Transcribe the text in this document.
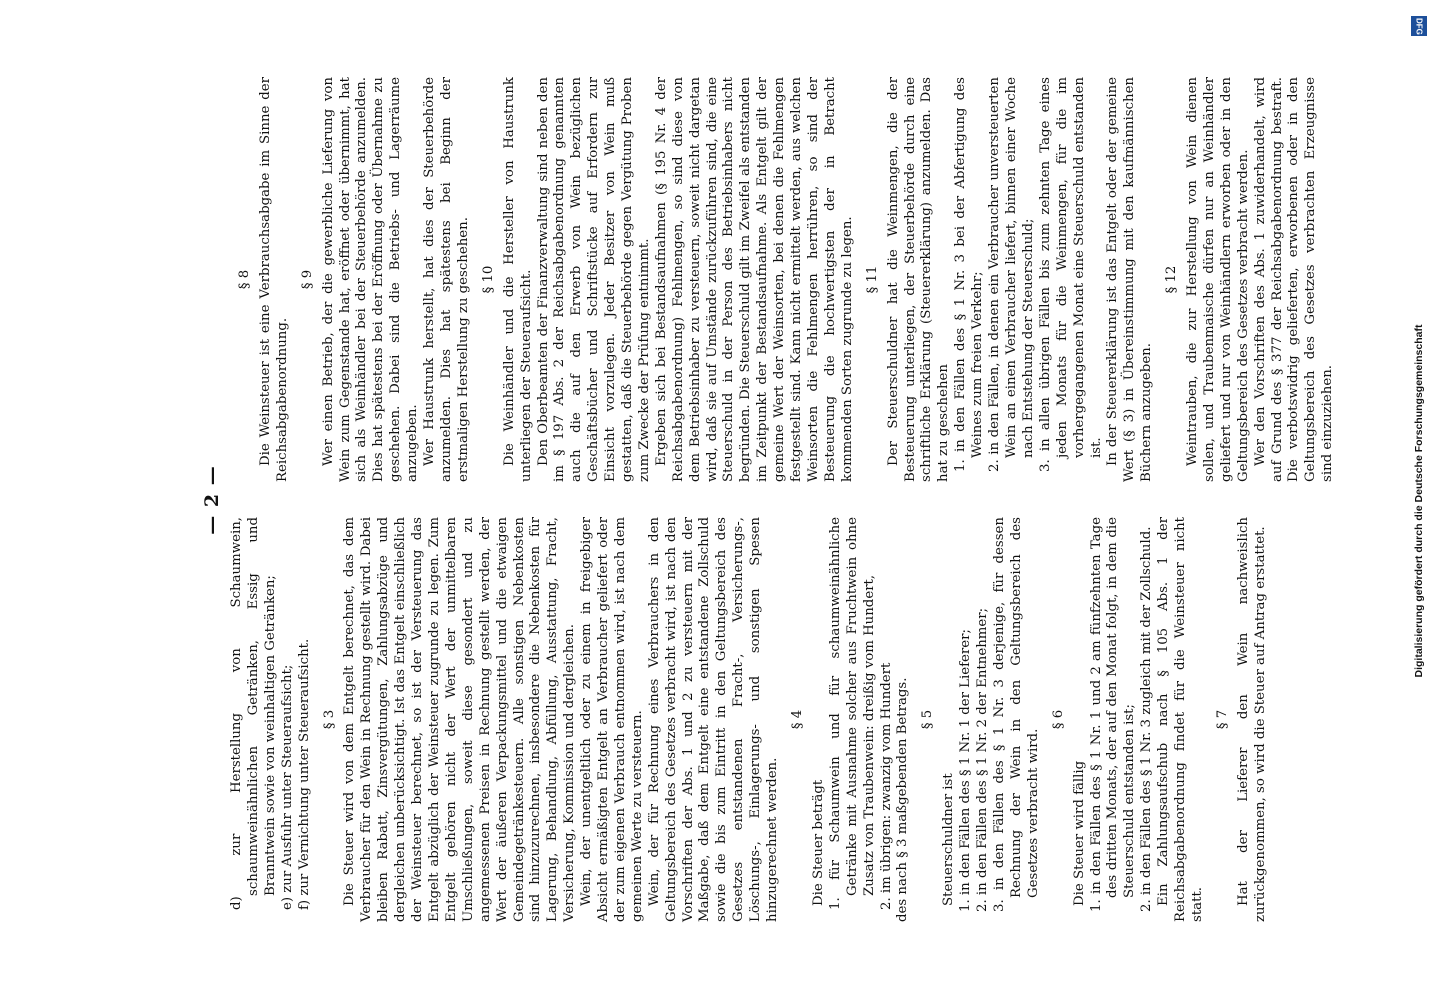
— 2 —

d) zur Herstellung von Schaumwein, schaumweinähnlichen Getränken, Essig und Branntwein sowie von weinhaltigen Getränken; e) zur Ausfuhr unter Steueraufsicht; f) zur Vernichtung unter Steueraufsicht. § 3 Die Steuer wird von dem Entgelt berechnet, das dem Verbraucher für den Wein in Rechnung gestellt wird. Dabei bleiben Rabatt, Zinsvergütungen, Zahlungsabzüge und dergleichen unberücksichtigt. Ist das Entgelt einschließlich der Weinsteuer berechnet, so ist der Versteuerung das Entgelt abzüglich der Weinsteuer zugrunde zu legen. Zum Entgelt gehören nicht der Wert der unmittelbaren Umschließungen, soweit diese gesondert und zu angemessenen Preisen in Rechnung gestellt werden, der Wert der äußeren Verpackungsmittel und die etwaigen Gemeindegetränkesteuern. Alle sonstigen Nebenkosten sind hinzuzurechnen, insbesondere die Nebenkosten für Lagerung, Behandlung, Abfüllung, Ausstattung, Fracht, Versicherung, Kommission und dergleichen. Wein, der unentgeltlich oder zu einem in freigebiger Absicht ermäßigten Entgelt an Verbraucher geliefert oder der zum eigenen Verbrauch entnommen wird, ist nach dem gemeinen Werte zu versteuern. Wein, der für Rechnung eines Verbrauchers in den Geltungsbereich des Gesetzes verbracht wird, ist nach den Vorschriften der Abs. 1 und 2 zu versteuern mit der Maßgabe, daß dem Entgelt eine entstandene Zollschuld sowie die bis zum Eintritt in den Geltungsbereich des Gesetzes entstandenen Fracht-, Versicherungs-, Löschungs-, Einlagerungs- und sonstigen Spesen hinzugerechnet werden.

§ 4

Die Steuer beträgt 1. für Schaumwein und für schaumweinähnliche Getränke mit Ausnahme solcher aus Fruchtwein ohne Zusatz von Traubenwein: dreißig vom Hundert, 2. im übrigen: zwanzig vom Hundert des nach § 3 maßgebenden Betrags. § 5

Steuerschuldner ist 1. in den Fällen des § 1 Nr. 1 der Lieferer; 2. in den Fällen des § 1 Nr. 2 der Entnehmer; 3. in den Fällen des § 1 Nr. 3 derjenige, für dessen Rechnung der Wein in den Geltungsbereich des Gesetzes verbracht wird.

§ 6

Die Steuer wird fällig 1. in den Fällen des § 1 Nr. 1 und 2 am fünfzehnten Tage des dritten Monats, der auf den Monat folgt, in dem die Steuerschuld entstanden ist; 2. in den Fällen des § 1 Nr. 3 zugleich mit der Zollschuld. Ein Zahlungsaufschub nach § 105 Abs. 1 der Reichsabgabenordnung findet für die Weinsteuer nicht statt.

§ 7 Hat der Lieferer den Wein nachweislich zurückgenommen, so wird die Steuer auf Antrag erstattet.

§ 8 Die Weinsteuer ist eine Verbrauchsabgabe im Sinne der Reichsabgabenordnung.

§ 9 Wer einen Betrieb, der die gewerbliche Lieferung von Wein zum Gegenstande hat, eröffnet oder übernimmt, hat sich als Weinhändler bei der Steuerbehörde anzumelden. Dies hat spätestens bei der Eröffnung oder Übernahme zu geschehen. Dabei sind die Betriebs- und Lagerräume anzugeben. Wer Haustrunk herstellt, hat dies der Steuerbehörde anzumelden. Dies hat spätestens bei Beginn der erstmaligen Herstellung zu geschehen. § 10 Die Weinhändler und die Hersteller von Haustrunk unterliegen der Steueraufsicht. Den Oberbeamten der Finanzverwaltung sind neben den im § 197 Abs. 2 der Reichsabgabenordnung genannten auch die auf den Erwerb von Wein bezüglichen Geschäftsbücher und Schriftstücke auf Erfordern zur Einsicht vorzulegen. Jeder Besitzer von Wein muß gestatten, daß die Steuerbehörde gegen Vergütung Proben zum Zwecke der Prüfung entnimmt. Ergeben sich bei Bestandsaufnahmen (§ 195 Nr. 4 der Reichsabgabenordnung) Fehlmengen, so sind diese von dem Betriebsinhaber zu versteuern, soweit nicht dargetan wird, daß sie auf Umstände zurückzuführen sind, die eine Steuerschuld in der Person des Betriebsinhabers nicht begründen. Die Steuerschuld gilt im Zweifel als entstanden im Zeitpunkt der Bestandsaufnahme. Als Entgelt gilt der gemeine Wert der Weinsorten, bei denen die Fehlmengen festgestellt sind. Kann nicht ermittelt werden, aus welchen Weinsorten die Fehlmengen herrühren, so sind der Besteuerung die hochwertigsten der in Betracht kommenden Sorten zugrunde zu legen. § 11 Der Steuerschuldner hat die Weinmengen, die der Besteuerung unterliegen, der Steuerbehörde durch eine schriftliche Erklärung (Steuererklärung) anzumelden. Das hat zu geschehen 1. in den Fällen des § 1 Nr. 3 bei der Abfertigung des Weines zum freien Verkehr; 2. in den Fällen, in denen ein Verbraucher unversteuerten Wein an einen Verbraucher liefert, binnen einer Woche nach Entstehung der Steuerschuld; 3. in allen übrigen Fällen bis zum zehnten Tage eines jeden Monats für die Weinmengen, für die im vorhergegangenen Monat eine Steuerschuld entstanden ist. In der Steuererklärung ist das Entgelt oder der gemeine Wert (§ 3) in Übereinstimmung mit den kaufmännischen Büchern anzugeben.

§ 12 Weintrauben, die zur Herstellung von Wein dienen sollen, und Traubenmaische dürfen nur an Weinhändler geliefert und nur von Weinhändlern erworben oder in den Geltungsbereich des Gesetzes verbracht werden. Wer den Vorschriften des Abs. 1 zuwiderhandelt, wird auf Grund des § 377 der Reichsabgabenordnung bestraft. Die verbotswidrig gelieferten, erworbenen oder in den Geltungsbereich des Gesetzes verbrachten Erzeugnisse sind einzuziehen.

DFG
Digitalisierung gefördert durch die Deutsche Forschungsgemeinschaft
